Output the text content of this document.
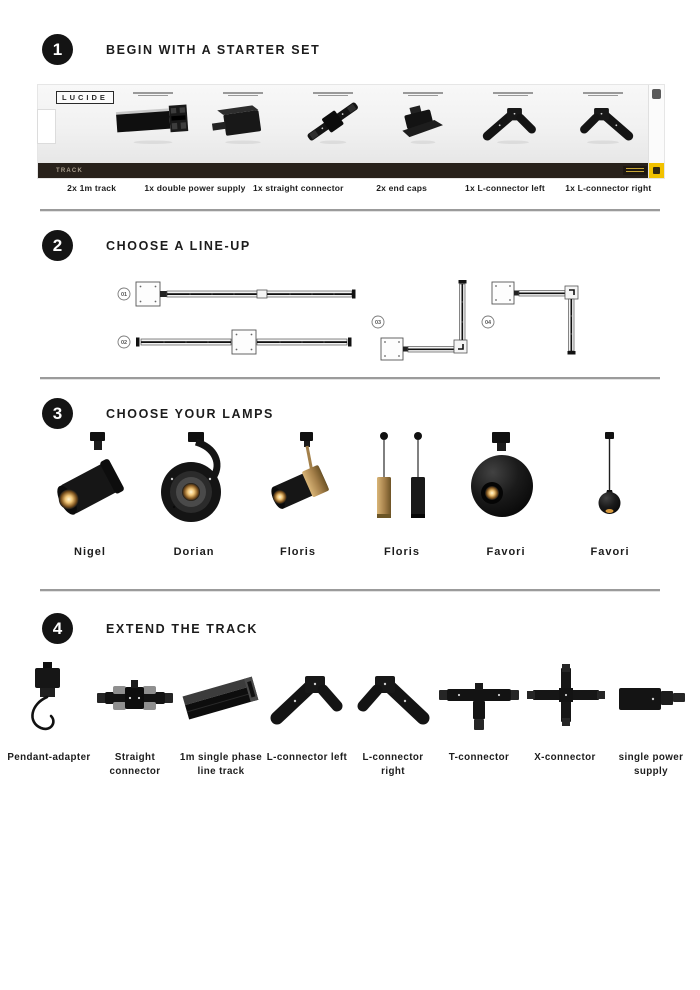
1	BEGIN WITH A STARTER SET
LUCIDE
TRACK
2x 1m track	1x double power supply 1x straight connector	2x end caps	1x L-connector left	1x L-connector right
2	CHOOSE A LINE-UP
01
02
03	04
3	CHOOSE YOUR LAMPS
Nigel	Dorian	Floris	Floris	Favori	Favori
4	EXTEND THE TRACK
Pendant-adapter	Straight connector
1m single phase line track
L-connector left	L-connector right
T-connector	X-connector	single power supply
